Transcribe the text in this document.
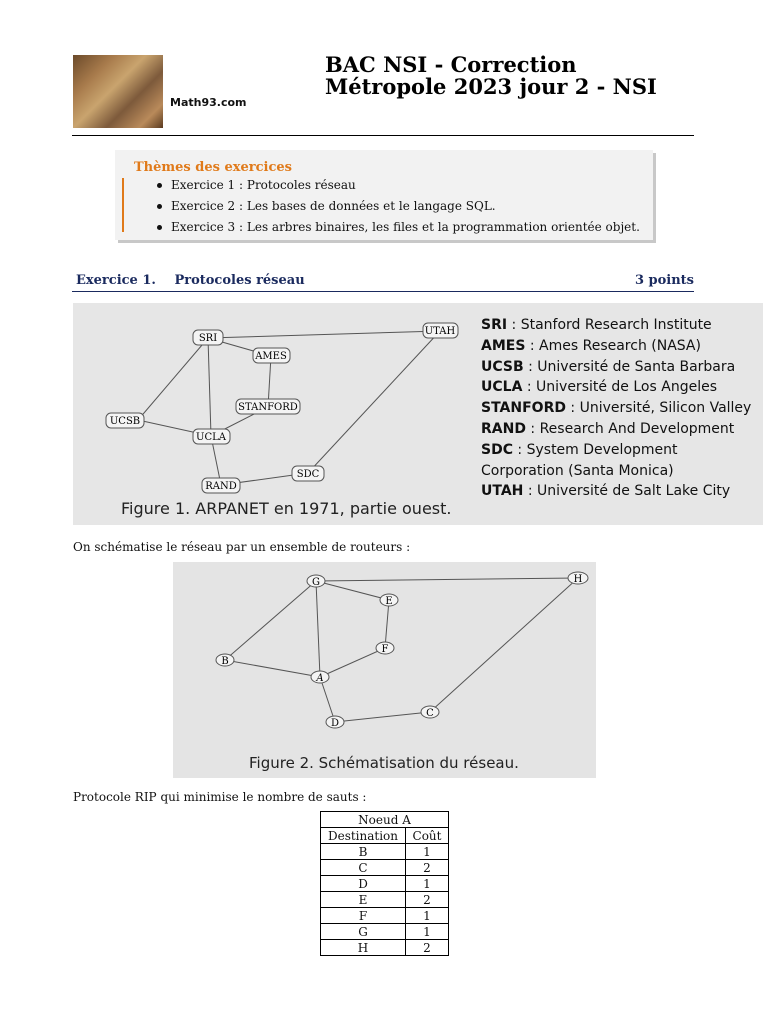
Math93.com
BAC NSI - Correction
Métropole 2023 jour 2 - NSI
Thèmes des exercices
Exercice 1 : Protocoles réseau
Exercice 2 : Les bases de données et le langage SQL.
Exercice 3 : Les arbres binaires, les files et la programmation orientée objet.
Exercice 1. Protocoles réseau	3 points
SRI
UTAH
AMES
STANFORD
UCSB
UCLA
SDC
RAND
Figure 1. ARPANET en 1971, partie ouest.
SRI : Stanford Research Institute
AMES : Ames Research (NASA)
UCSB : Université de Santa Barbara
UCLA : Université de Los Angeles
STANFORD : Université, Silicon Valley
RAND : Research And Development
SDC : System Development
Corporation (Santa Monica)
UTAH : Université de Salt Lake City
On schématise le réseau par un ensemble de routeurs :
G	H
E
F
B
A
D
C
Figure 2. Schématisation du réseau.
Protocole RIP qui minimise le nombre de sauts :
Noeud A	
Destination	Coût
B	1
C	2
D	1
E	2
F	1
G	1
H	2
